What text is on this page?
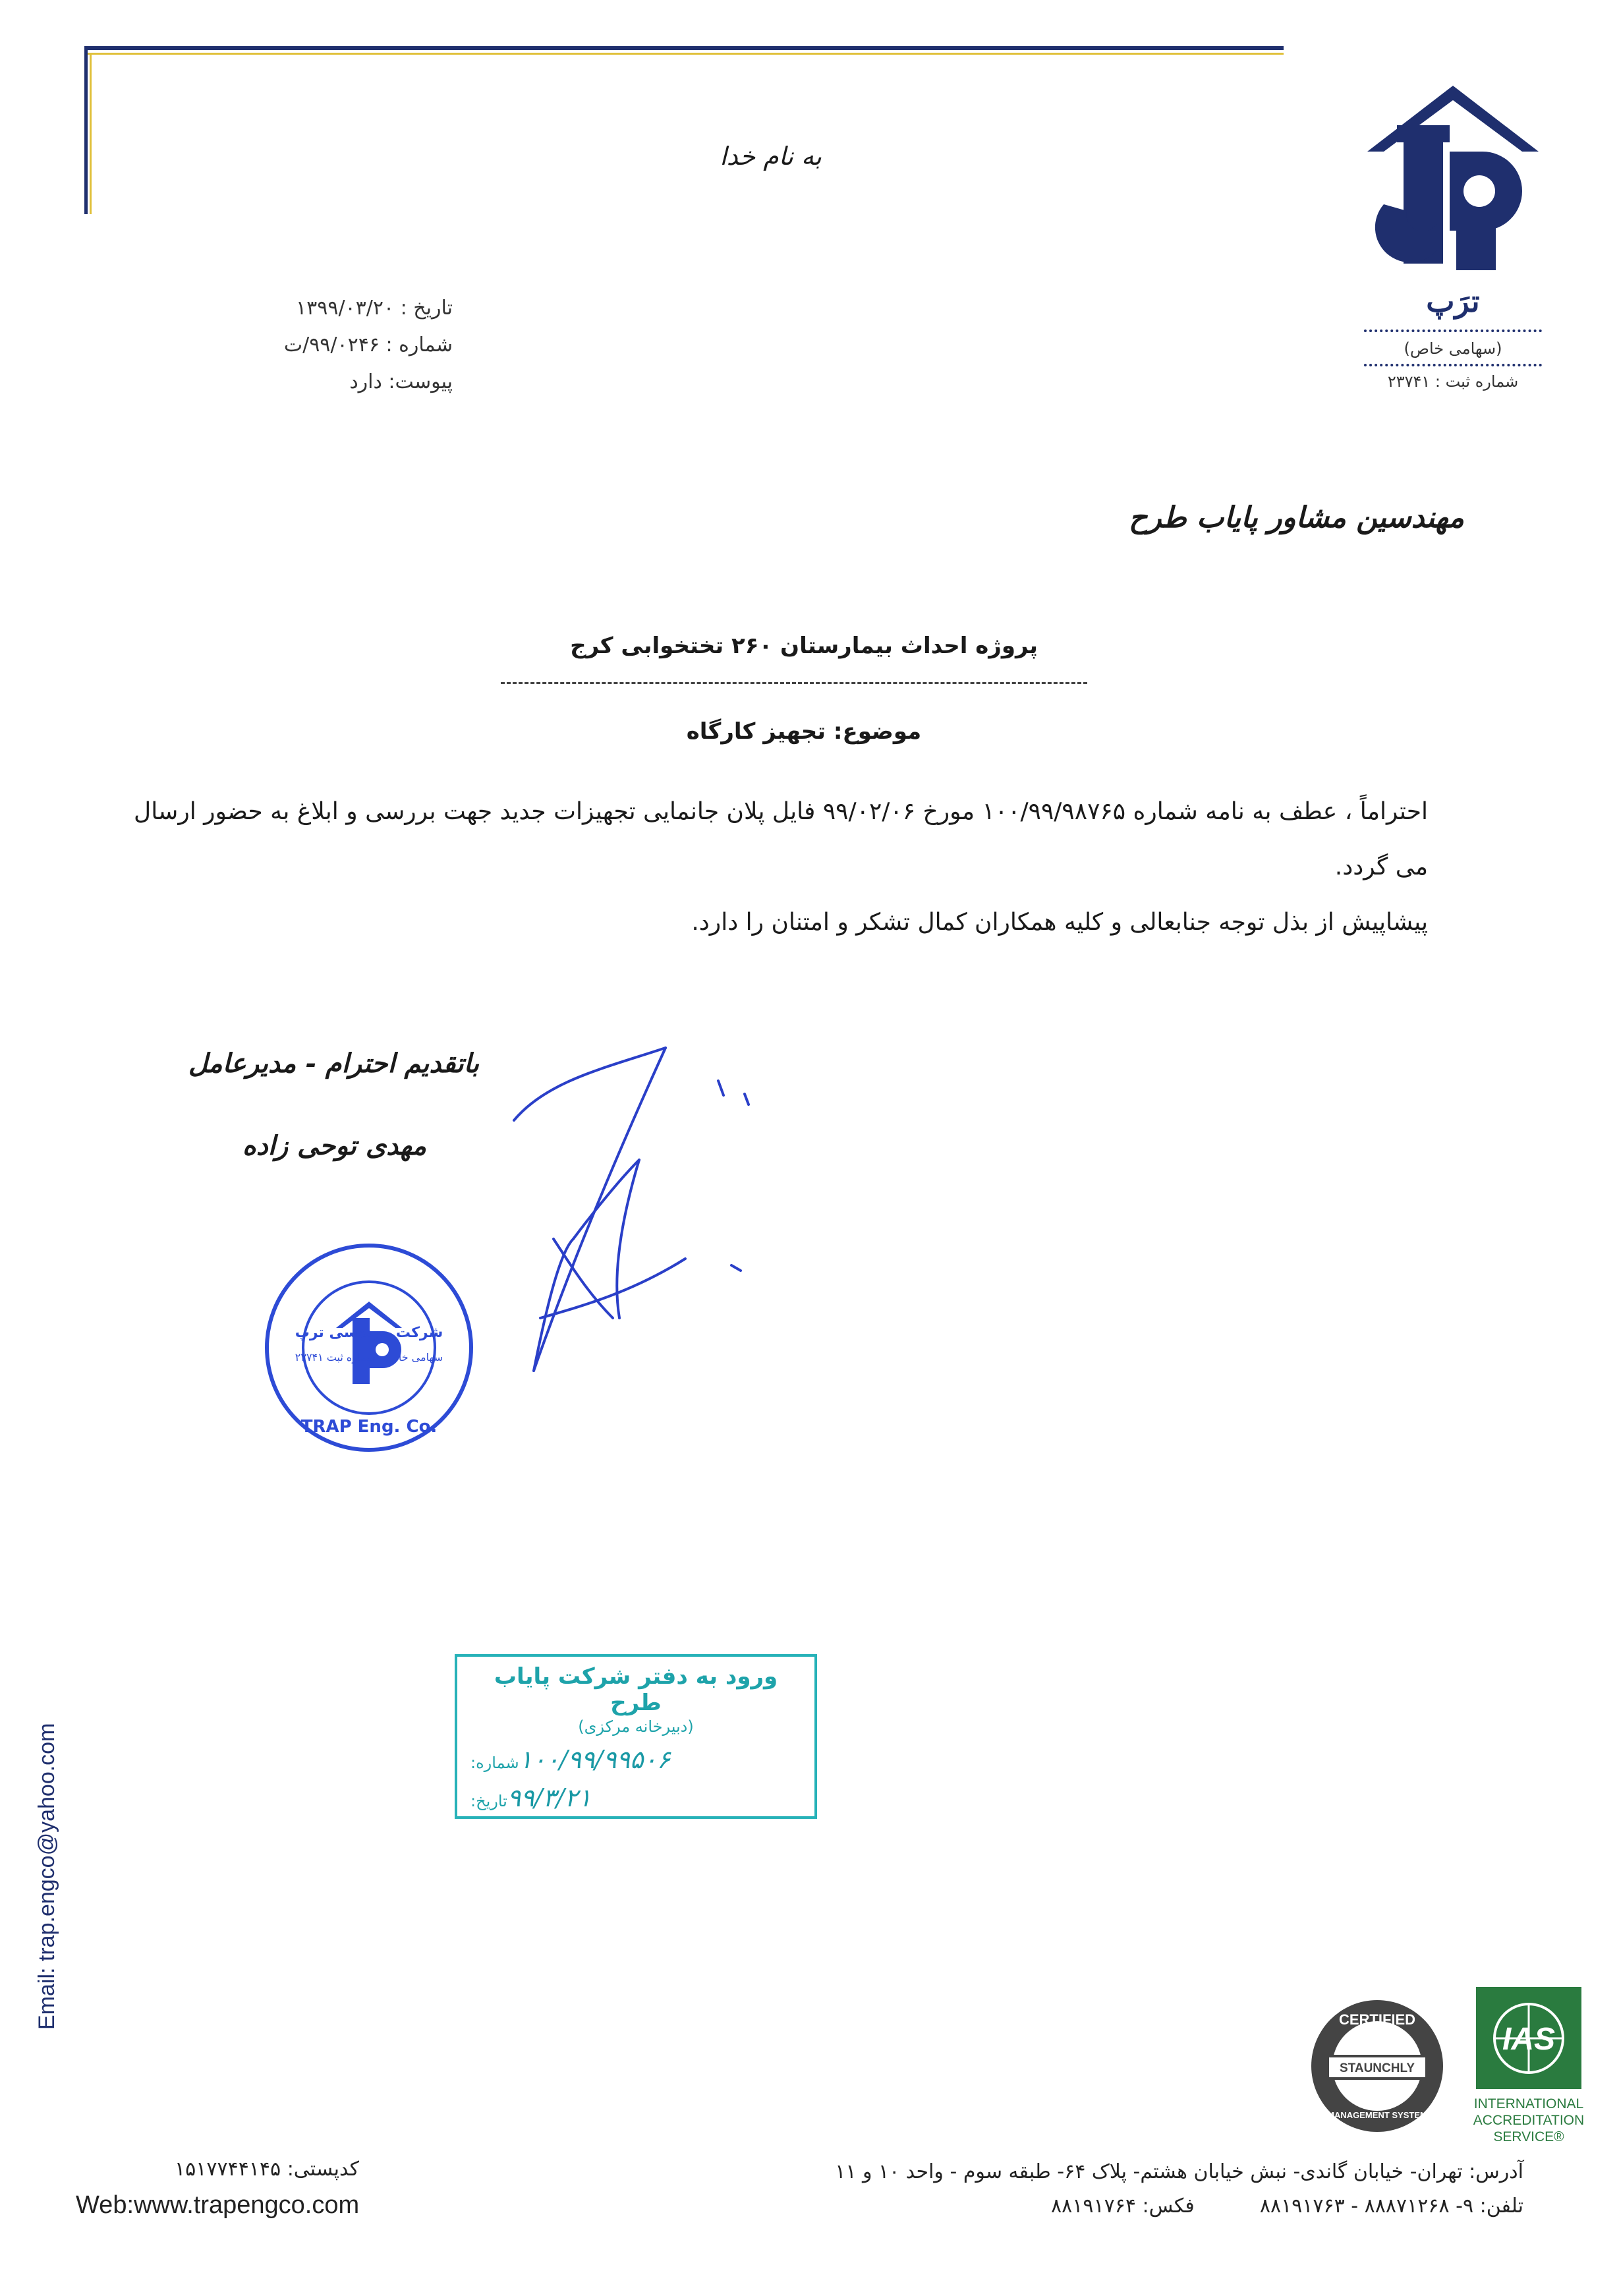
به نام خدا
تاریخ : ۱۳۹۹/۰۳/۲۰
شماره : ۹۹/۰۲۴۶/ت
پیوست: دارد
ترَپ
(سهامی خاص)
شماره ثبت : ۲۳۷۴۱
مهندسین مشاور پایاب طرح
پروژه احداث بیمارستان ۲۶۰ تختخوابی کرج
موضوع: تجهیز کارگاه

احتراماً ، عطف به نامه شماره ۱۰۰/۹۹/۹۸۷۶۵ مورخ ۹۹/۰۲/۰۶ فایل پلان جانمایی تجهیزات جدید جهت بررسی و ابلاغ به حضور ارسال می گردد.

پیشاپیش از بذل توجه جنابعالی و کلیه همکاران کمال تشکر و امتنان را دارد.

باتقدیم احترام - مدیرعامل
مهدی توحی زاده
شرکت مهندسی ترپ
سهامی خاص - شماره ثبت ۲۳۷۴۱
TRAP Eng. Co.
ورود به دفتر شرکت پایاب طرح
(دبیرخانه مرکزی)
شماره: ۱۰۰/۹۹/۹۹۵۰۶
تاریخ: ۹۹/۳/۲۱
Email: trap.engco@yahoo.com	CERTIFIED
STAUNCHLY
MANAGEMENT SYSTEM
IAS
INTERNATIONAL
ACCREDITATION
SERVICE®
آدرس: تهران- خیابان گاندی- نبش خیابان هشتم- پلاک ۶۴- طبقه سوم - واحد ۱۰ و ۱۱
تلفن: ۹- ۸۸۸۷۱۲۶۸ - ۸۸۱۹۱۷۶۳  فکس: ۸۸۱۹۱۷۶۴
کدپستی: ۱۵۱۷۷۴۴۱۴۵
Web:www.trapengco.com
